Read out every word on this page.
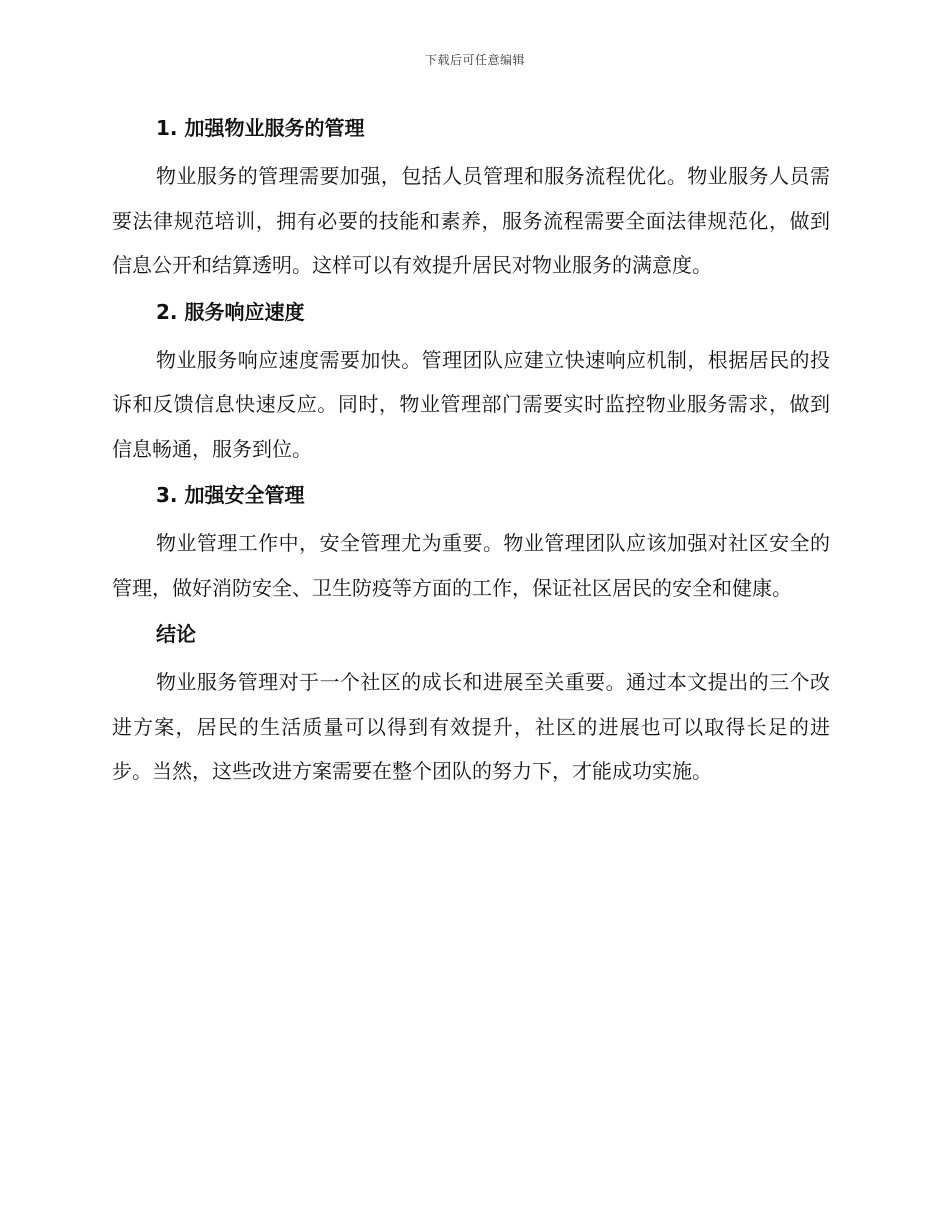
下载后可任意编辑
1. 加强物业服务的管理

物业服务的管理需要加强，包括人员管理和服务流程优化。物业服务人员需要法律规范培训，拥有必要的技能和素养，服务流程需要全面法律规范化，做到信息公开和结算透明。这样可以有效提升居民对物业服务的满意度。

2. 服务响应速度

物业服务响应速度需要加快。管理团队应建立快速响应机制，根据居民的投诉和反馈信息快速反应。同时，物业管理部门需要实时监控物业服务需求，做到信息畅通，服务到位。

3. 加强安全管理

物业管理工作中，安全管理尤为重要。物业管理团队应该加强对社区安全的管理，做好消防安全、卫生防疫等方面的工作，保证社区居民的安全和健康。

结论

物业服务管理对于一个社区的成长和进展至关重要。通过本文提出的三个改进方案，居民的生活质量可以得到有效提升，社区的进展也可以取得长足的进步。当然，这些改进方案需要在整个团队的努力下，才能成功实施。
